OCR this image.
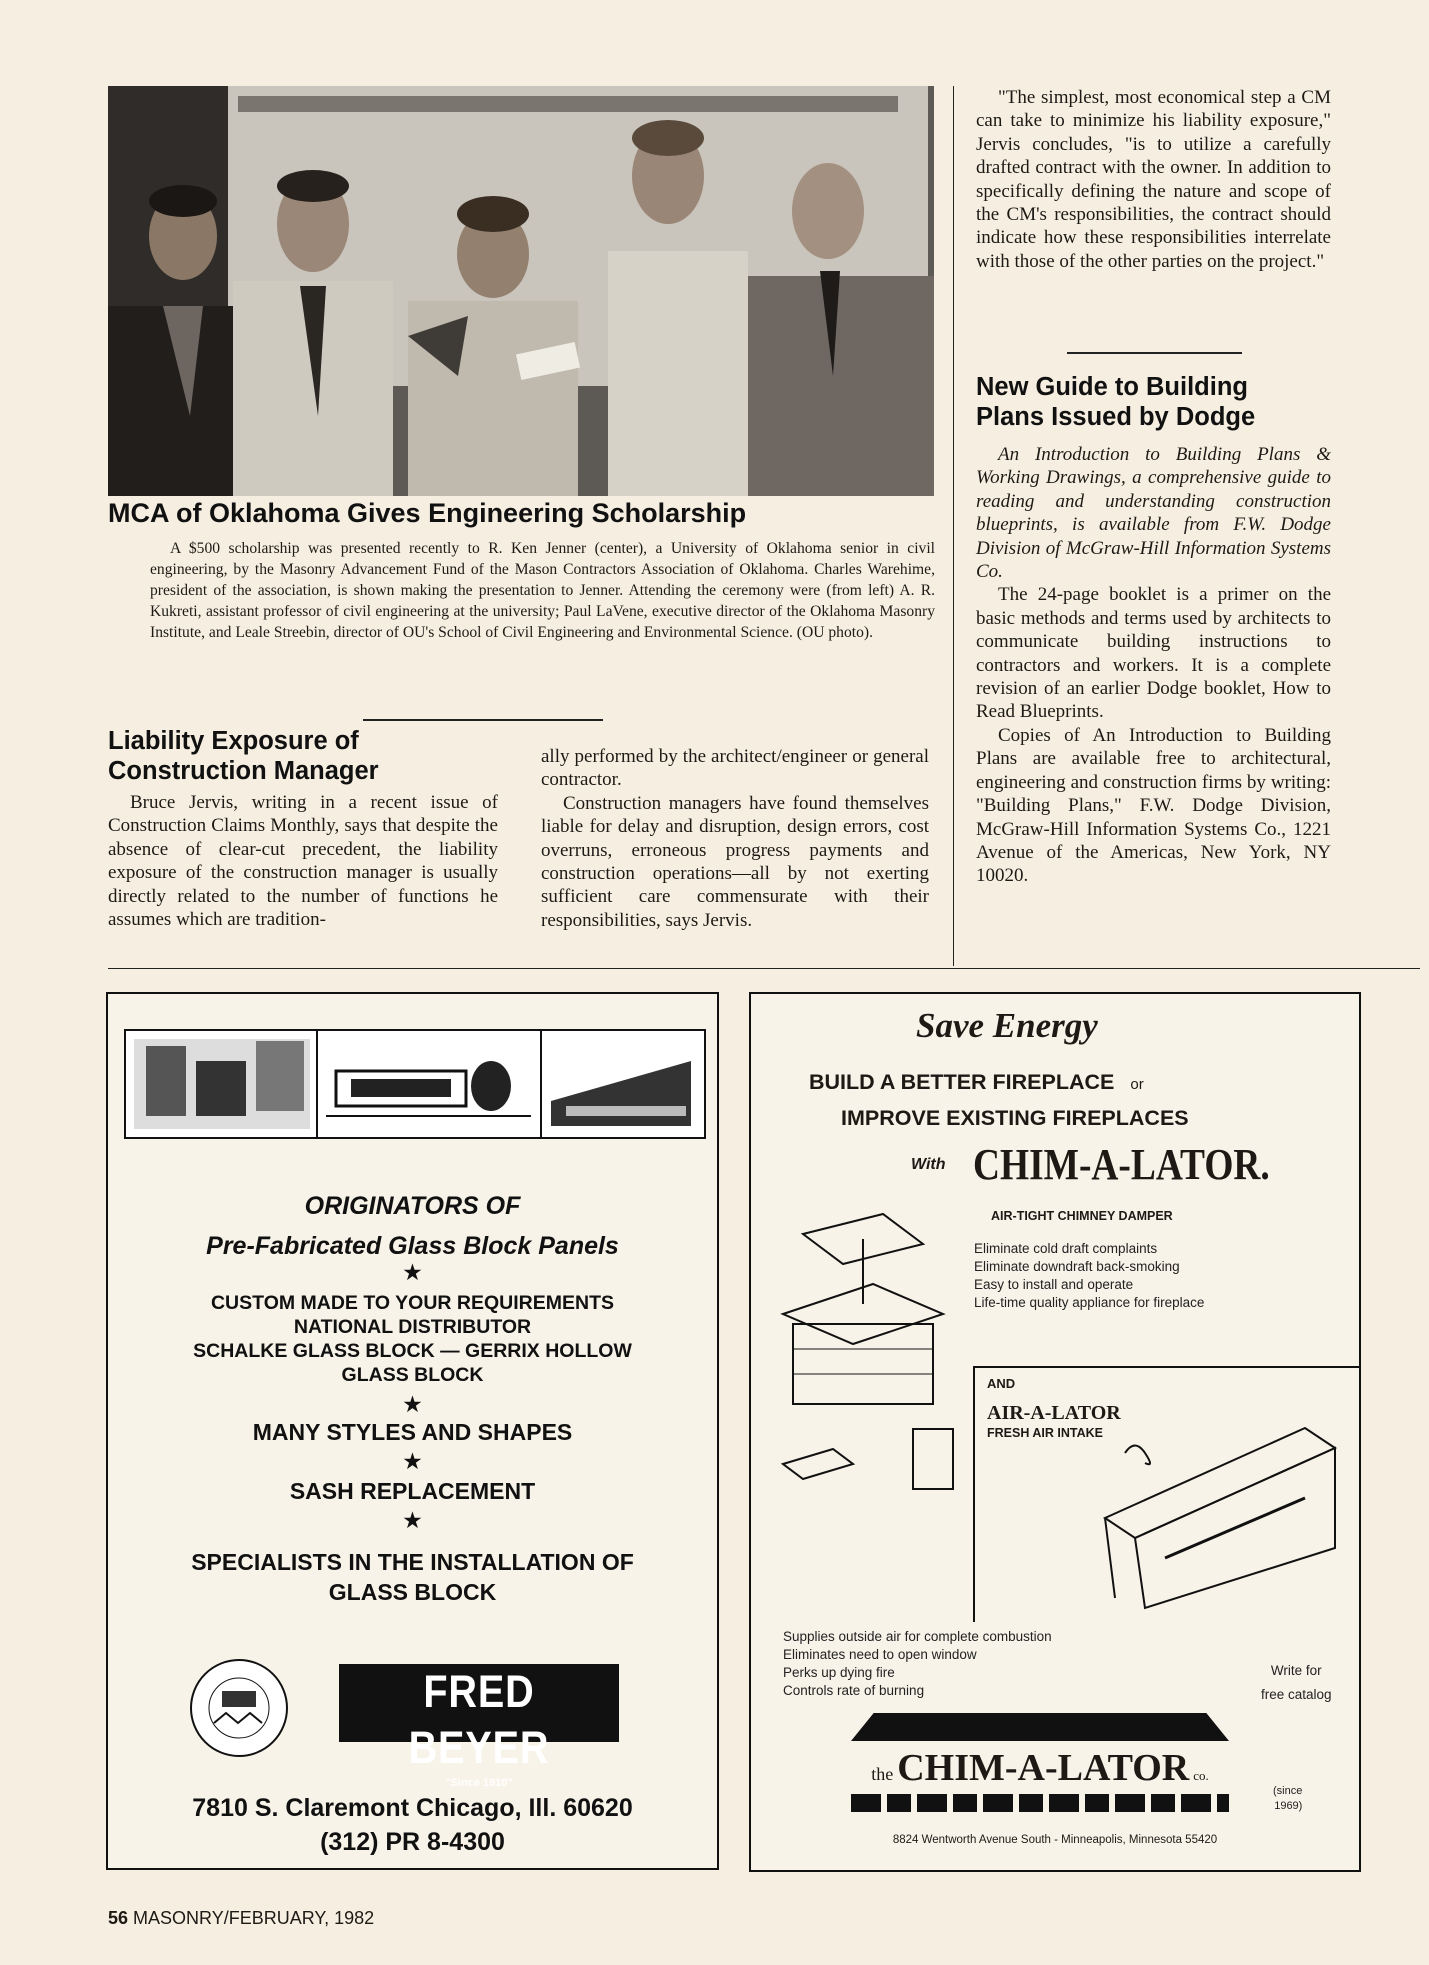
MCA of Oklahoma Gives Engineering Scholarship

A $500 scholarship was presented recently to R. Ken Jenner (center), a University of Oklahoma senior in civil engineering, by the Masonry Advancement Fund of the Mason Contractors Association of Oklahoma. Charles Warehime, president of the association, is shown making the presentation to Jenner. Attending the ceremony were (from left) A. R. Kukreti, assistant professor of civil engineering at the university; Paul LaVene, executive director of the Oklahoma Masonry Institute, and Leale Streebin, director of OU's School of Civil Engineering and Environmental Science. (OU photo).

Liability Exposure of
Construction Manager

Bruce Jervis, writing in a recent issue of Construction Claims Monthly, says that despite the absence of clear-cut precedent, the liability exposure of the construction manager is usually directly related to the number of functions he assumes which are tradition-

ally performed by the architect/engineer or general contractor.

Construction managers have found themselves liable for delay and disruption, design errors, cost overruns, erroneous progress payments and construction operations—all by not exerting sufficient care commensurate with their responsibilities, says Jervis.

"The simplest, most economical step a CM can take to minimize his liability exposure," Jervis concludes, "is to utilize a carefully drafted contract with the owner. In addition to specifically defining the nature and scope of the CM's responsibilities, the contract should indicate how these responsibilities interrelate with those of the other parties on the project."

New Guide to Building
Plans Issued by Dodge

An Introduction to Building Plans & Working Drawings, a comprehensive guide to reading and understanding construction blueprints, is available from F.W. Dodge Division of McGraw-Hill Information Systems Co.

The 24-page booklet is a primer on the basic methods and terms used by architects to communicate building instructions to contractors and workers. It is a complete revision of an earlier Dodge booklet, How to Read Blueprints.

Copies of An Introduction to Building Plans are available free to architectural, engineering and construction firms by writing: "Building Plans," F.W. Dodge Division, McGraw-Hill Information Systems Co., 1221 Avenue of the Americas, New York, NY 10020.

ORIGINATORS OF
Pre-Fabricated Glass Block Panels
★
CUSTOM MADE TO YOUR REQUIREMENTS
NATIONAL DISTRIBUTOR
SCHALKE GLASS BLOCK — GERRIX HOLLOW
GLASS BLOCK
★
MANY STYLES AND SHAPES
★
SASH REPLACEMENT
★
SPECIALISTS IN THE INSTALLATION OF
GLASS BLOCK
FRED BEYER
"Since 1910"
7810 S. Claremont Chicago, Ill. 60620
(312) PR 8-4300
Save Energy
BUILD A BETTER FIREPLACE or
IMPROVE EXISTING FIREPLACES
With CHIM-A-LATOR.
AIR-TIGHT CHIMNEY DAMPER
Eliminate cold draft complaints
Eliminate downdraft back-smoking
Easy to install and operate
Life-time quality appliance for fireplace
AND
AIR-A-LATOR
FRESH AIR INTAKE
Supplies outside air for complete combustion
Eliminates need to open window
Perks up dying fire
Controls rate of burning
Write for
free catalog
the CHIM-A-LATOR co.
(since
1969)
8824 Wentworth Avenue South - Minneapolis, Minnesota 55420
56 MASONRY/FEBRUARY, 1982
